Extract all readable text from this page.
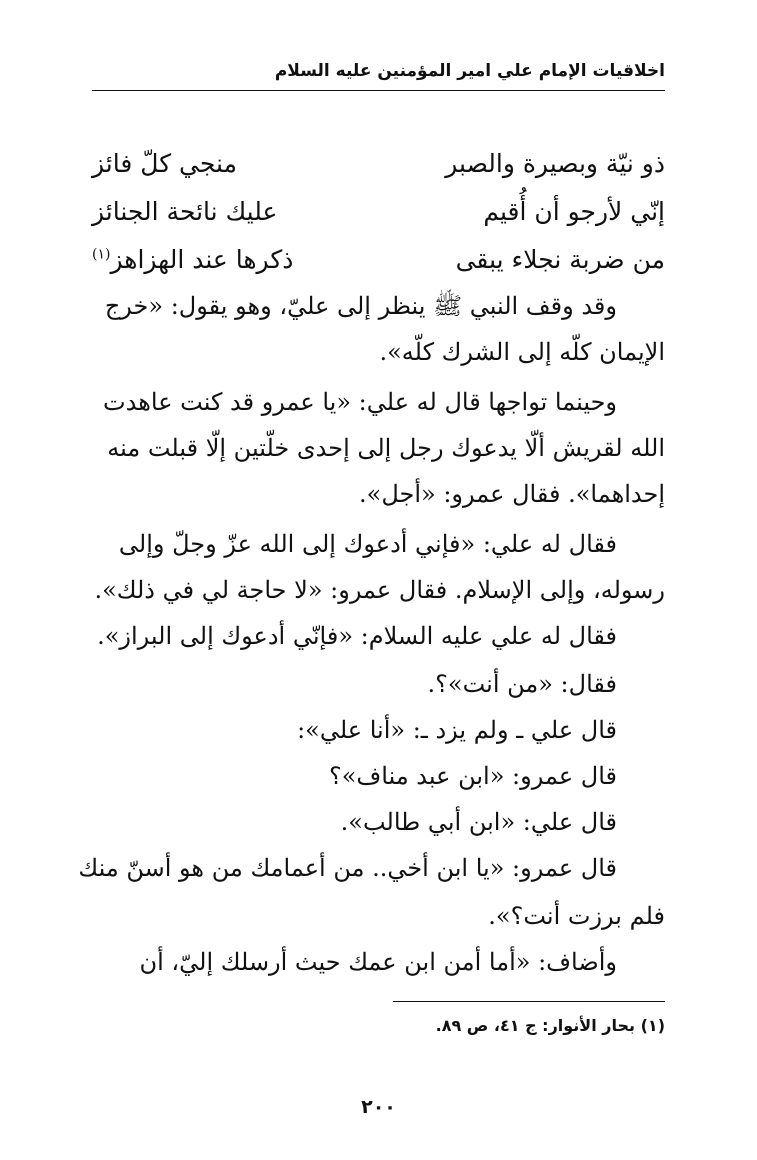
اخلاقيات الإمام علي امير المؤمنين عليه السلام
ذو نيّة وبصيرة والصبر
منجي كلّ فائز
إنّي لأرجو أن أُقيم
عليك نائحة الجنائز
من ضربة نجلاء يبقى
ذكرها عند الهزاهز$^{(١)}$
وقد وقف النبي ﷺ ينظر إلى عليّ، وهو يقول: «خرج
الإيمان كلّه إلى الشرك كلّه».
وحينما تواجها قال له علي: «يا عمرو قد كنت عاهدت
الله لقريش ألّا يدعوك رجل إلى إحدى خلّتين إلّا قبلت منه
إحداهما». فقال عمرو: «أجل».
فقال له علي: «فإني أدعوك إلى الله عزّ وجلّ وإلى
رسوله، وإلى الإسلام. فقال عمرو: «لا حاجة لي في ذلك».
فقال له علي عليه السلام: «فإنّي أدعوك إلى البراز».
فقال: «من أنت»؟.
قال علي ـ ولم يزد ـ: «أنا علي»:
قال عمرو: «ابن عبد مناف»؟
قال علي: «ابن أبي طالب».
قال عمرو: «يا ابن أخي.. من أعمامك من هو أسنّ منك
فلم برزت أنت؟».
وأضاف: «أما أمن ابن عمك حيث أرسلك إليّ، أن
(١) بحار الأنوار: ج ٤١، ص ٨٩.
٢٠٠
